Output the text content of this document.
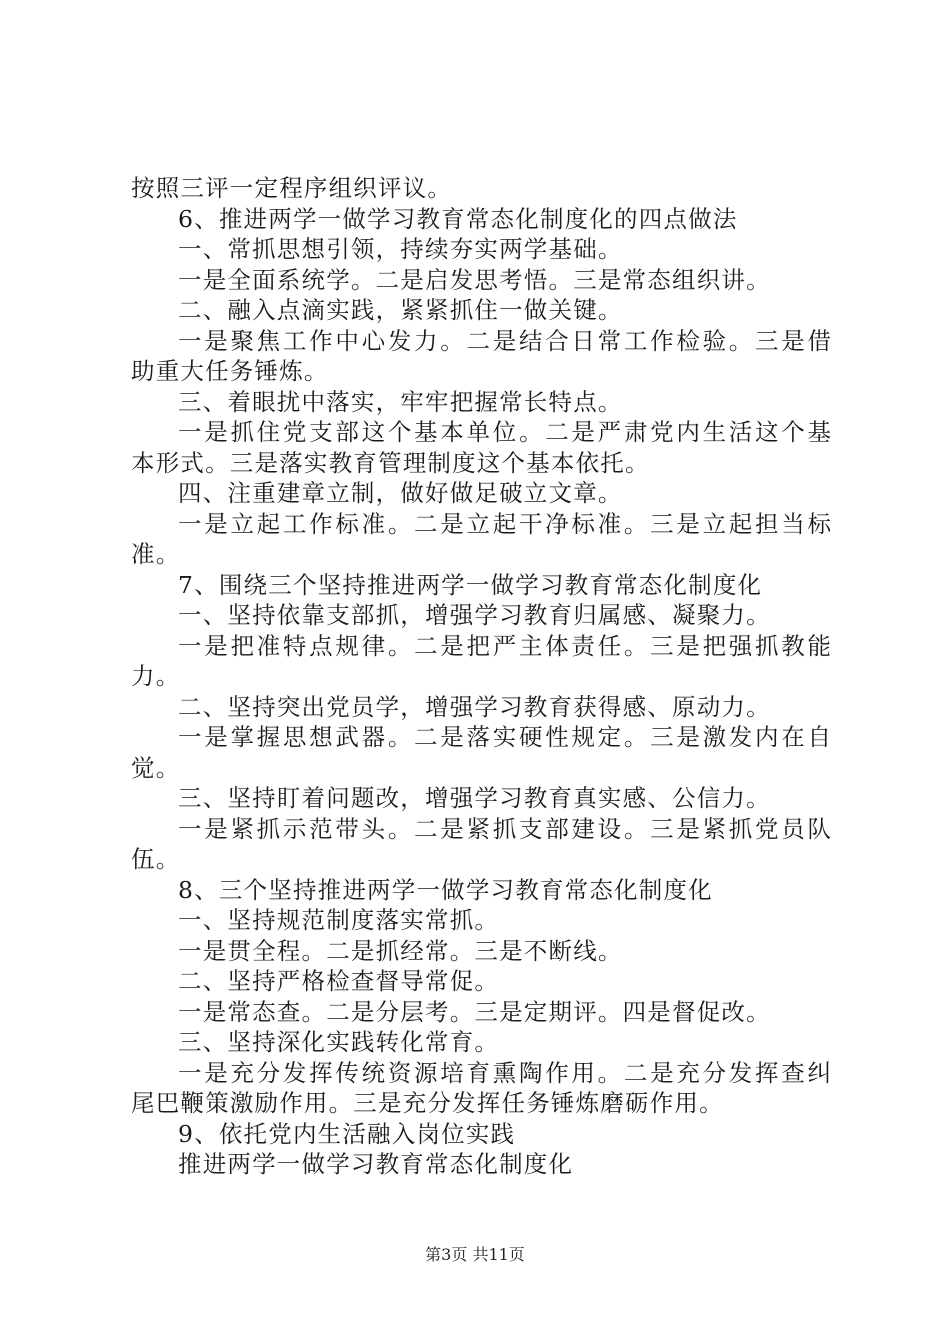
按照三评一定程序组织评议。
6、推进两学一做学习教育常态化制度化的四点做法
一、常抓思想引领，持续夯实两学基础。
一是全面系统学。二是启发思考悟。三是常态组织讲。
二、融入点滴实践，紧紧抓住一做关键。
一是聚焦工作中心发力。二是结合日常工作检验。三是借
助重大任务锤炼。
三、着眼扰中落实，牢牢把握常长特点。
一是抓住党支部这个基本单位。二是严肃党内生活这个基
本形式。三是落实教育管理制度这个基本依托。
四、注重建章立制，做好做足破立文章。
一是立起工作标准。二是立起干净标准。三是立起担当标
准。
7、围绕三个坚持推进两学一做学习教育常态化制度化
一、坚持依靠支部抓，增强学习教育归属感、凝聚力。
一是把准特点规律。二是把严主体责任。三是把强抓教能
力。
二、坚持突出党员学，增强学习教育获得感、原动力。
一是掌握思想武器。二是落实硬性规定。三是激发内在自
觉。
三、坚持盯着问题改，增强学习教育真实感、公信力。
一是紧抓示范带头。二是紧抓支部建设。三是紧抓党员队
伍。
8、三个坚持推进两学一做学习教育常态化制度化
一、坚持规范制度落实常抓。
一是贯全程。二是抓经常。三是不断线。
二、坚持严格检查督导常促。
一是常态查。二是分层考。三是定期评。四是督促改。
三、坚持深化实践转化常育。
一是充分发挥传统资源培育熏陶作用。二是充分发挥查纠
尾巴鞭策激励作用。三是充分发挥任务锤炼磨砺作用。
9、依托党内生活融入岗位实践
推进两学一做学习教育常态化制度化
第3页 共11页
